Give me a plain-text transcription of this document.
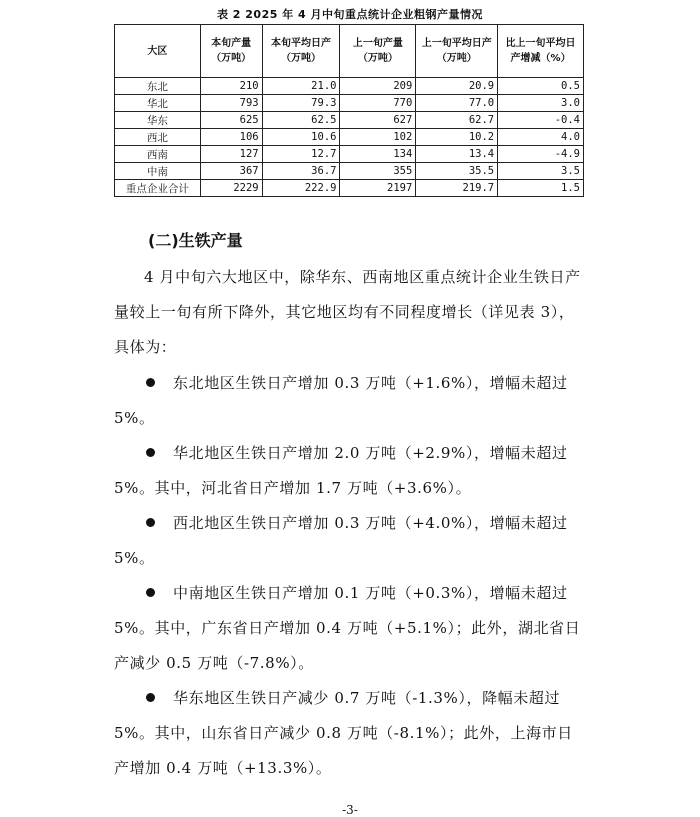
表 2 2025 年 4 月中旬重点统计企业粗钢产量情况
大区	本旬产量（万吨）	本旬平均日产（万吨）	上一旬产量（万吨）	上一旬平均日产（万吨）	比上一旬平均日产增减（%）
东北	210	21.0	209	20.9	0.5
华北	793	79.3	770	77.0	3.0
华东	625	62.5	627	62.7	-0.4
西北	106	10.6	102	10.2	4.0
西南	127	12.7	134	13.4	-4.9
中南	367	36.7	355	35.5	3.5
重点企业合计	2229	222.9	2197	219.7	1.5
(二)生铁产量
4 月中旬六大地区中，除华东、西南地区重点统计企业生铁日产量较上一旬有所下降外，其它地区均有不同程度增长（详见表 3），具体为：
东北地区生铁日产增加 0.3 万吨（+1.6%），增幅未超过 5%。
华北地区生铁日产增加 2.0 万吨（+2.9%），增幅未超过 5%。其中，河北省日产增加 1.7 万吨（+3.6%）。
西北地区生铁日产增加 0.3 万吨（+4.0%），增幅未超过 5%。
中南地区生铁日产增加 0.1 万吨（+0.3%），增幅未超过 5%。其中，广东省日产增加 0.4 万吨（+5.1%）；此外，湖北省日产减少 0.5 万吨（-7.8%）。
华东地区生铁日产减少 0.7 万吨（-1.3%），降幅未超过 5%。其中，山东省日产减少 0.8 万吨（-8.1%）；此外，上海市日产增加 0.4 万吨（+13.3%）。
-3-
